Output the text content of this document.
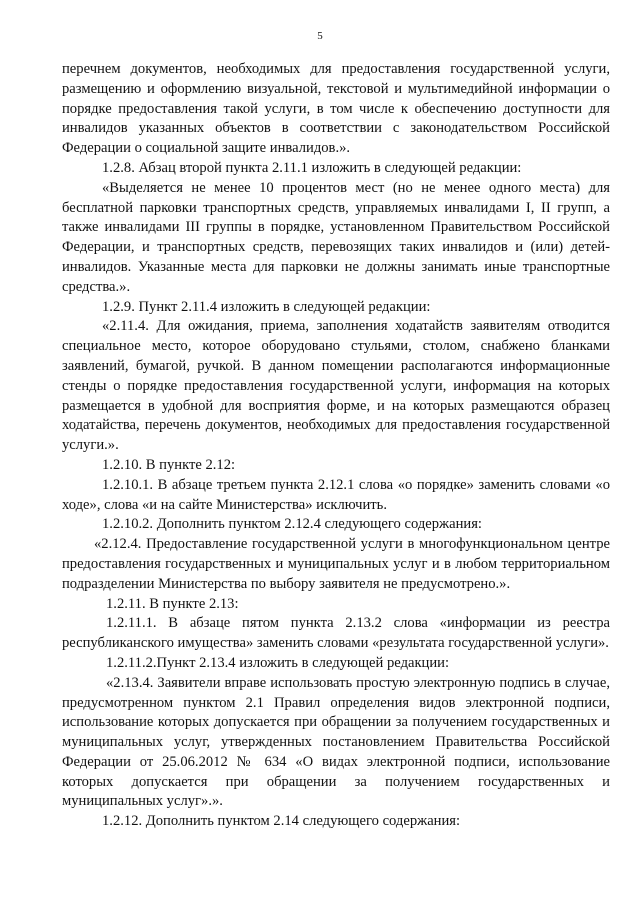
5

перечнем документов, необходимых для предоставления государственной услуги, размещению и оформлению визуальной, текстовой и мультимедийной информации о порядке предоставления такой услуги, в том числе к обеспечению доступности для инвалидов указанных объектов в соответствии с законодательством Российской Федерации о социальной защите инвалидов.».

1.2.8. Абзац второй пункта 2.11.1 изложить в следующей редакции:

«Выделяется не менее 10 процентов мест (но не менее одного места) для бесплатной парковки транспортных средств, управляемых инвалидами I, II групп, а также инвалидами III группы в порядке, установленном Правительством Российской Федерации, и транспортных средств, перевозящих таких инвалидов и (или) детей-инвалидов. Указанные места для парковки не должны занимать иные транспортные средства.».

1.2.9. Пункт 2.11.4 изложить в следующей редакции:

«2.11.4. Для ожидания, приема, заполнения ходатайств заявителям отводится специальное место, которое оборудовано стульями, столом, снабжено бланками заявлений, бумагой, ручкой. В данном помещении располагаются информационные стенды о порядке предоставления государственной услуги, информация на которых размещается в удобной для восприятия форме, и на которых размещаются образец ходатайства, перечень документов, необходимых для предоставления государственной услуги.».

1.2.10. В пункте 2.12:

1.2.10.1. В абзаце третьем пункта 2.12.1 слова «о порядке» заменить словами «о ходе», слова «и на сайте Министерства» исключить.

1.2.10.2. Дополнить пунктом 2.12.4 следующего содержания:

«2.12.4. Предоставление государственной услуги в многофункциональном центре предоставления государственных и муниципальных услуг и в любом территориальном подразделении Министерства по выбору заявителя не предусмотрено.».

1.2.11. В пункте 2.13:

1.2.11.1. В абзаце пятом пункта 2.13.2 слова «информации из реестра республиканского имущества» заменить словами «результата государственной услуги».

1.2.11.2.Пункт 2.13.4 изложить в следующей редакции:

«2.13.4. Заявители вправе использовать простую электронную подпись в случае, предусмотренном пунктом 2.1 Правил определения видов электронной подписи, использование которых допускается при обращении за получением государственных и муниципальных услуг, утвержденных постановлением Правительства Российской Федерации от 25.06.2012 № 634 «О видах электронной подписи, использование которых допускается при обращении за получением государственных и муниципальных услуг».».

1.2.12. Дополнить пунктом 2.14 следующего содержания:
